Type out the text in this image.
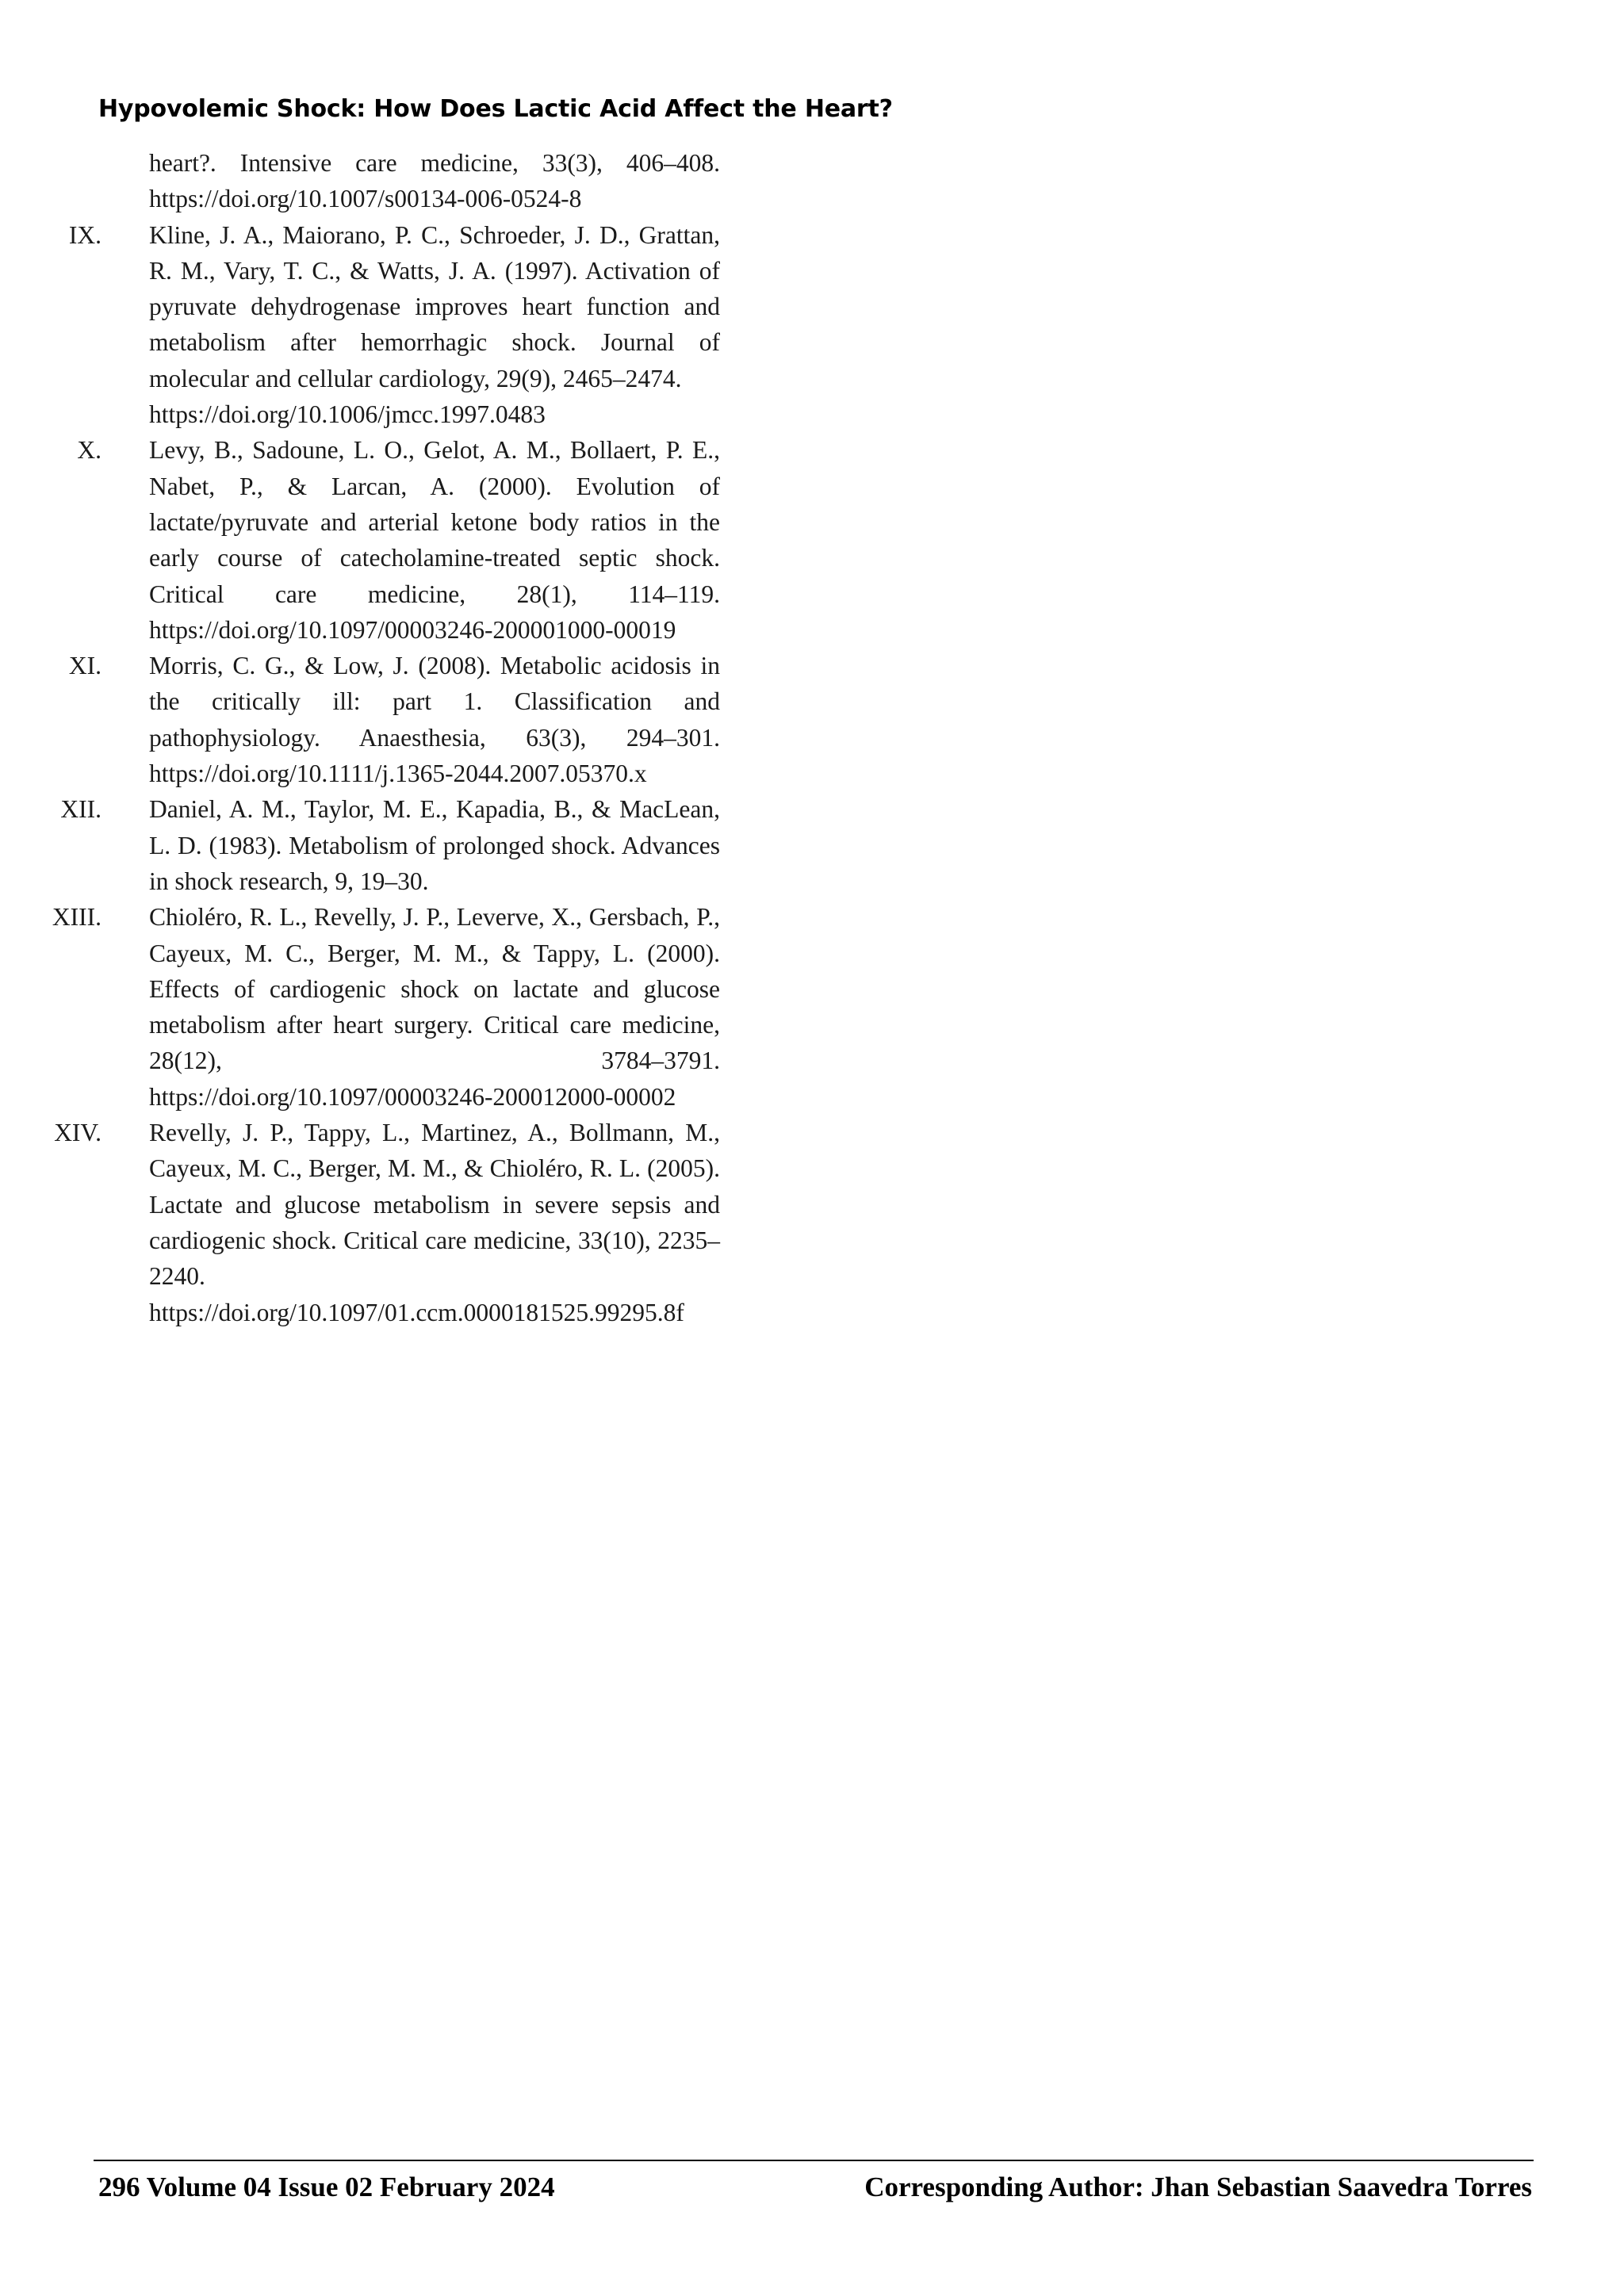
Hypovolemic Shock: How Does Lactic Acid Affect the Heart?
heart?. Intensive care medicine, 33(3), 406–408.
https://doi.org/10.1007/s00134-006-0524-8
IX.	Kline, J. A., Maiorano, P. C., Schroeder, J. D., Grattan, R. M., Vary, T. C., & Watts, J. A. (1997). Activation of pyruvate dehydrogenase improves heart function and metabolism after hemorrhagic shock. Journal of molecular and cellular cardiology, 29(9), 2465–2474.
https://doi.org/10.1006/jmcc.1997.0483
X.	Levy, B., Sadoune, L. O., Gelot, A. M., Bollaert, P. E., Nabet, P., & Larcan, A. (2000). Evolution of lactate/pyruvate and arterial ketone body ratios in the early course of catecholamine-treated septic shock. Critical care medicine, 28(1), 114–119.
https://doi.org/10.1097/00003246-200001000-00019
XI.	Morris, C. G., & Low, J. (2008). Metabolic acidosis in the critically ill: part 1. Classification and pathophysiology. Anaesthesia, 63(3), 294–301.
https://doi.org/10.1111/j.1365-2044.2007.05370.x
XII.	Daniel, A. M., Taylor, M. E., Kapadia, B., & MacLean, L. D. (1983). Metabolism of prolonged shock. Advances in shock research, 9, 19–30.
XIII.	Chioléro, R. L., Revelly, J. P., Leverve, X., Gersbach, P., Cayeux, M. C., Berger, M. M., & Tappy, L. (2000). Effects of cardiogenic shock on lactate and glucose metabolism after heart surgery. Critical care medicine, 28(12), 3784–3791.
https://doi.org/10.1097/00003246-200012000-00002
XIV.	Revelly, J. P., Tappy, L., Martinez, A., Bollmann, M., Cayeux, M. C., Berger, M. M., & Chioléro, R. L. (2005). Lactate and glucose metabolism in severe sepsis and cardiogenic shock. Critical care medicine, 33(10), 2235–2240.
https://doi.org/10.1097/01.ccm.0000181525.99295.8f
296 Volume 04 Issue 02 February 2024	Corresponding Author: Jhan Sebastian Saavedra Torres
